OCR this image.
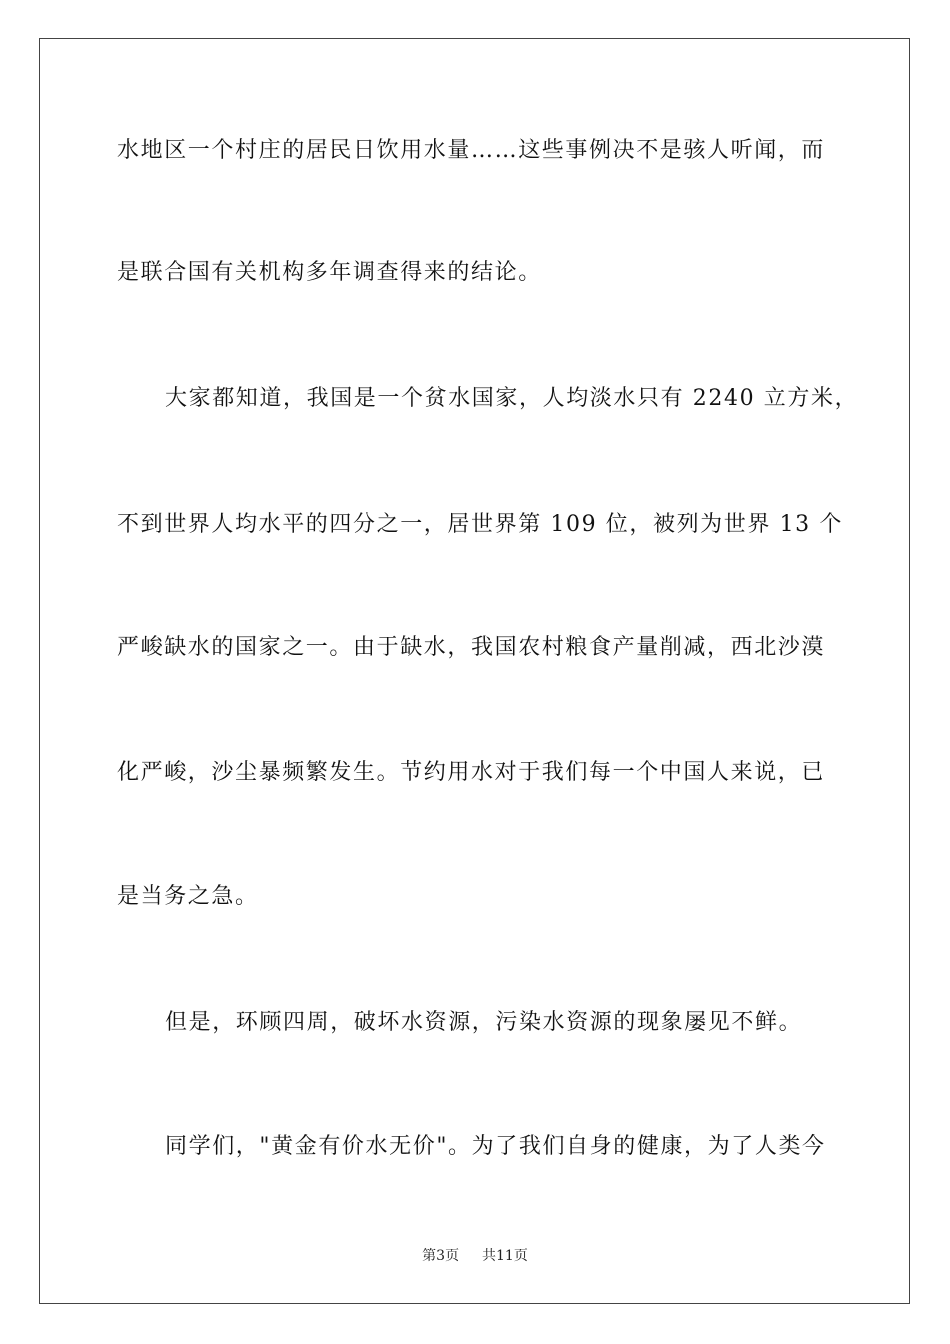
水地区一个村庄的居民日饮用水量……这些事例决不是骇人听闻，而
是联合国有关机构多年调查得来的结论。
大家都知道，我国是一个贫水国家，人均淡水只有 2240 立方米，
不到世界人均水平的四分之一，居世界第 109 位，被列为世界 13 个
严峻缺水的国家之一。由于缺水，我国农村粮食产量削减，西北沙漠
化严峻，沙尘暴频繁发生。节约用水对于我们每一个中国人来说，已
是当务之急。
但是，环顾四周，破坏水资源，污染水资源的现象屡见不鲜。
同学们，"黄金有价水无价"。为了我们自身的健康，为了人类今
第3页 共11页
